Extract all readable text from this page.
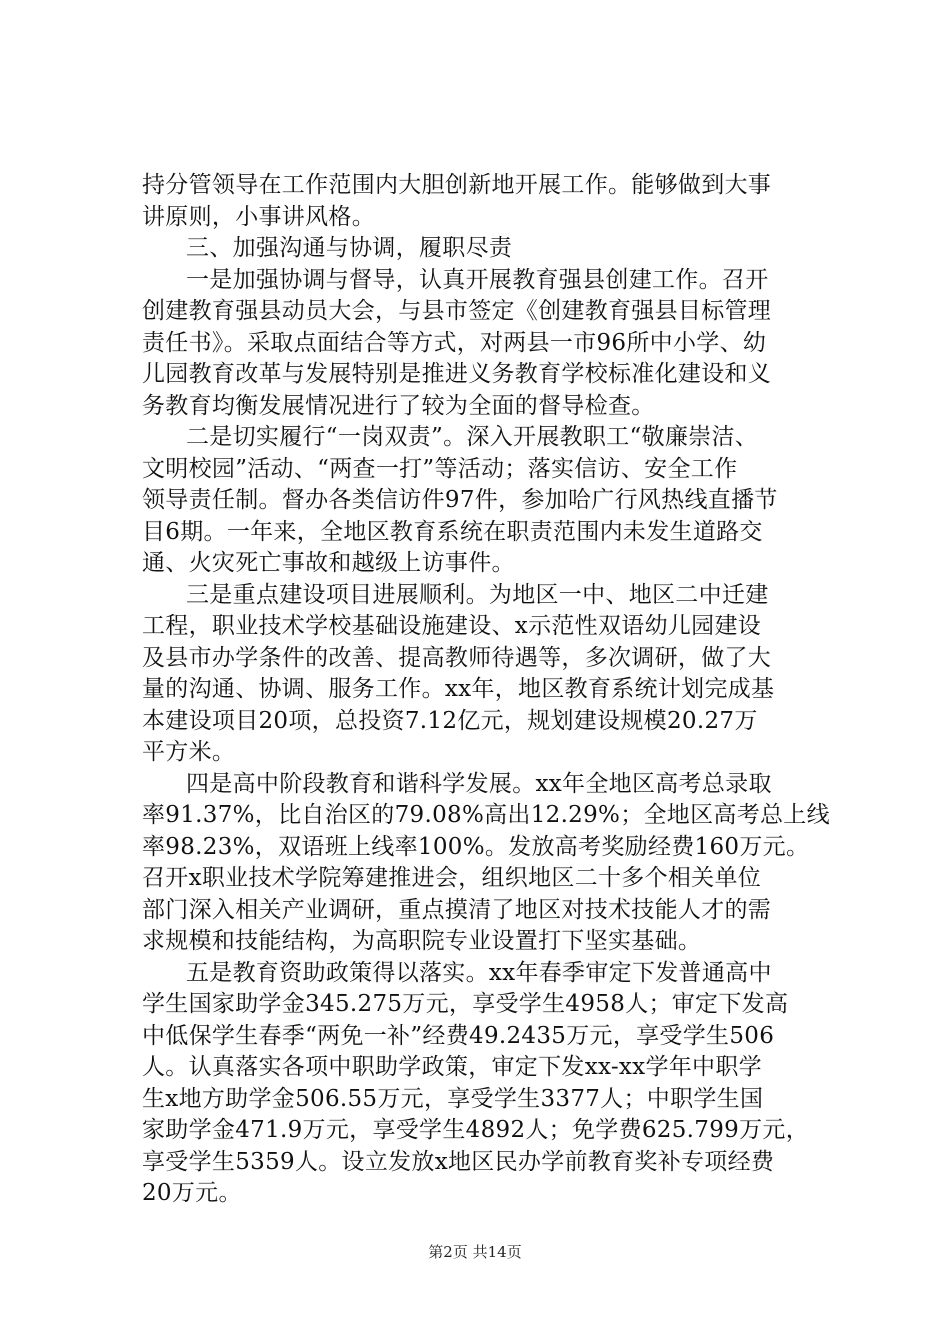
持分管领导在工作范围内大胆创新地开展工作。能够做到大事
讲原则，小事讲风格。
三、加强沟通与协调，履职尽责
一是加强协调与督导，认真开展教育强县创建工作。召开
创建教育强县动员大会，与县市签定《创建教育强县目标管理
责任书》。采取点面结合等方式，对两县一市96所中小学、幼
儿园教育改革与发展特别是推进义务教育学校标准化建设和义
务教育均衡发展情况进行了较为全面的督导检查。
二是切实履行“一岗双责”。深入开展教职工“敬廉崇洁、
文明校园”活动、“两查一打”等活动；落实信访、安全工作
领导责任制。督办各类信访件97件，参加哈广行风热线直播节
目6期。一年来，全地区教育系统在职责范围内未发生道路交
通、火灾死亡事故和越级上访事件。
三是重点建设项目进展顺利。为地区一中、地区二中迁建
工程，职业技术学校基础设施建设、x示范性双语幼儿园建设
及县市办学条件的改善、提高教师待遇等，多次调研，做了大
量的沟通、协调、服务工作。xx年，地区教育系统计划完成基
本建设项目20项，总投资7.12亿元，规划建设规模20.27万
平方米。
四是高中阶段教育和谐科学发展。xx年全地区高考总录取
率91.37%，比自治区的79.08%高出12.29%；全地区高考总上线
率98.23%，双语班上线率100%。发放高考奖励经费160万元。
召开x职业技术学院筹建推进会，组织地区二十多个相关单位
部门深入相关产业调研，重点摸清了地区对技术技能人才的需
求规模和技能结构，为高职院专业设置打下坚实基础。
五是教育资助政策得以落实。xx年春季审定下发普通高中
学生国家助学金345.275万元，享受学生4958人；审定下发高
中低保学生春季“两免一补”经费49.2435万元，享受学生506
人。认真落实各项中职助学政策，审定下发xx-xx学年中职学
生x地方助学金506.55万元，享受学生3377人；中职学生国
家助学金471.9万元，享受学生4892人；免学费625.799万元，
享受学生5359人。设立发放x地区民办学前教育奖补专项经费
20万元。
第2页 共14页
